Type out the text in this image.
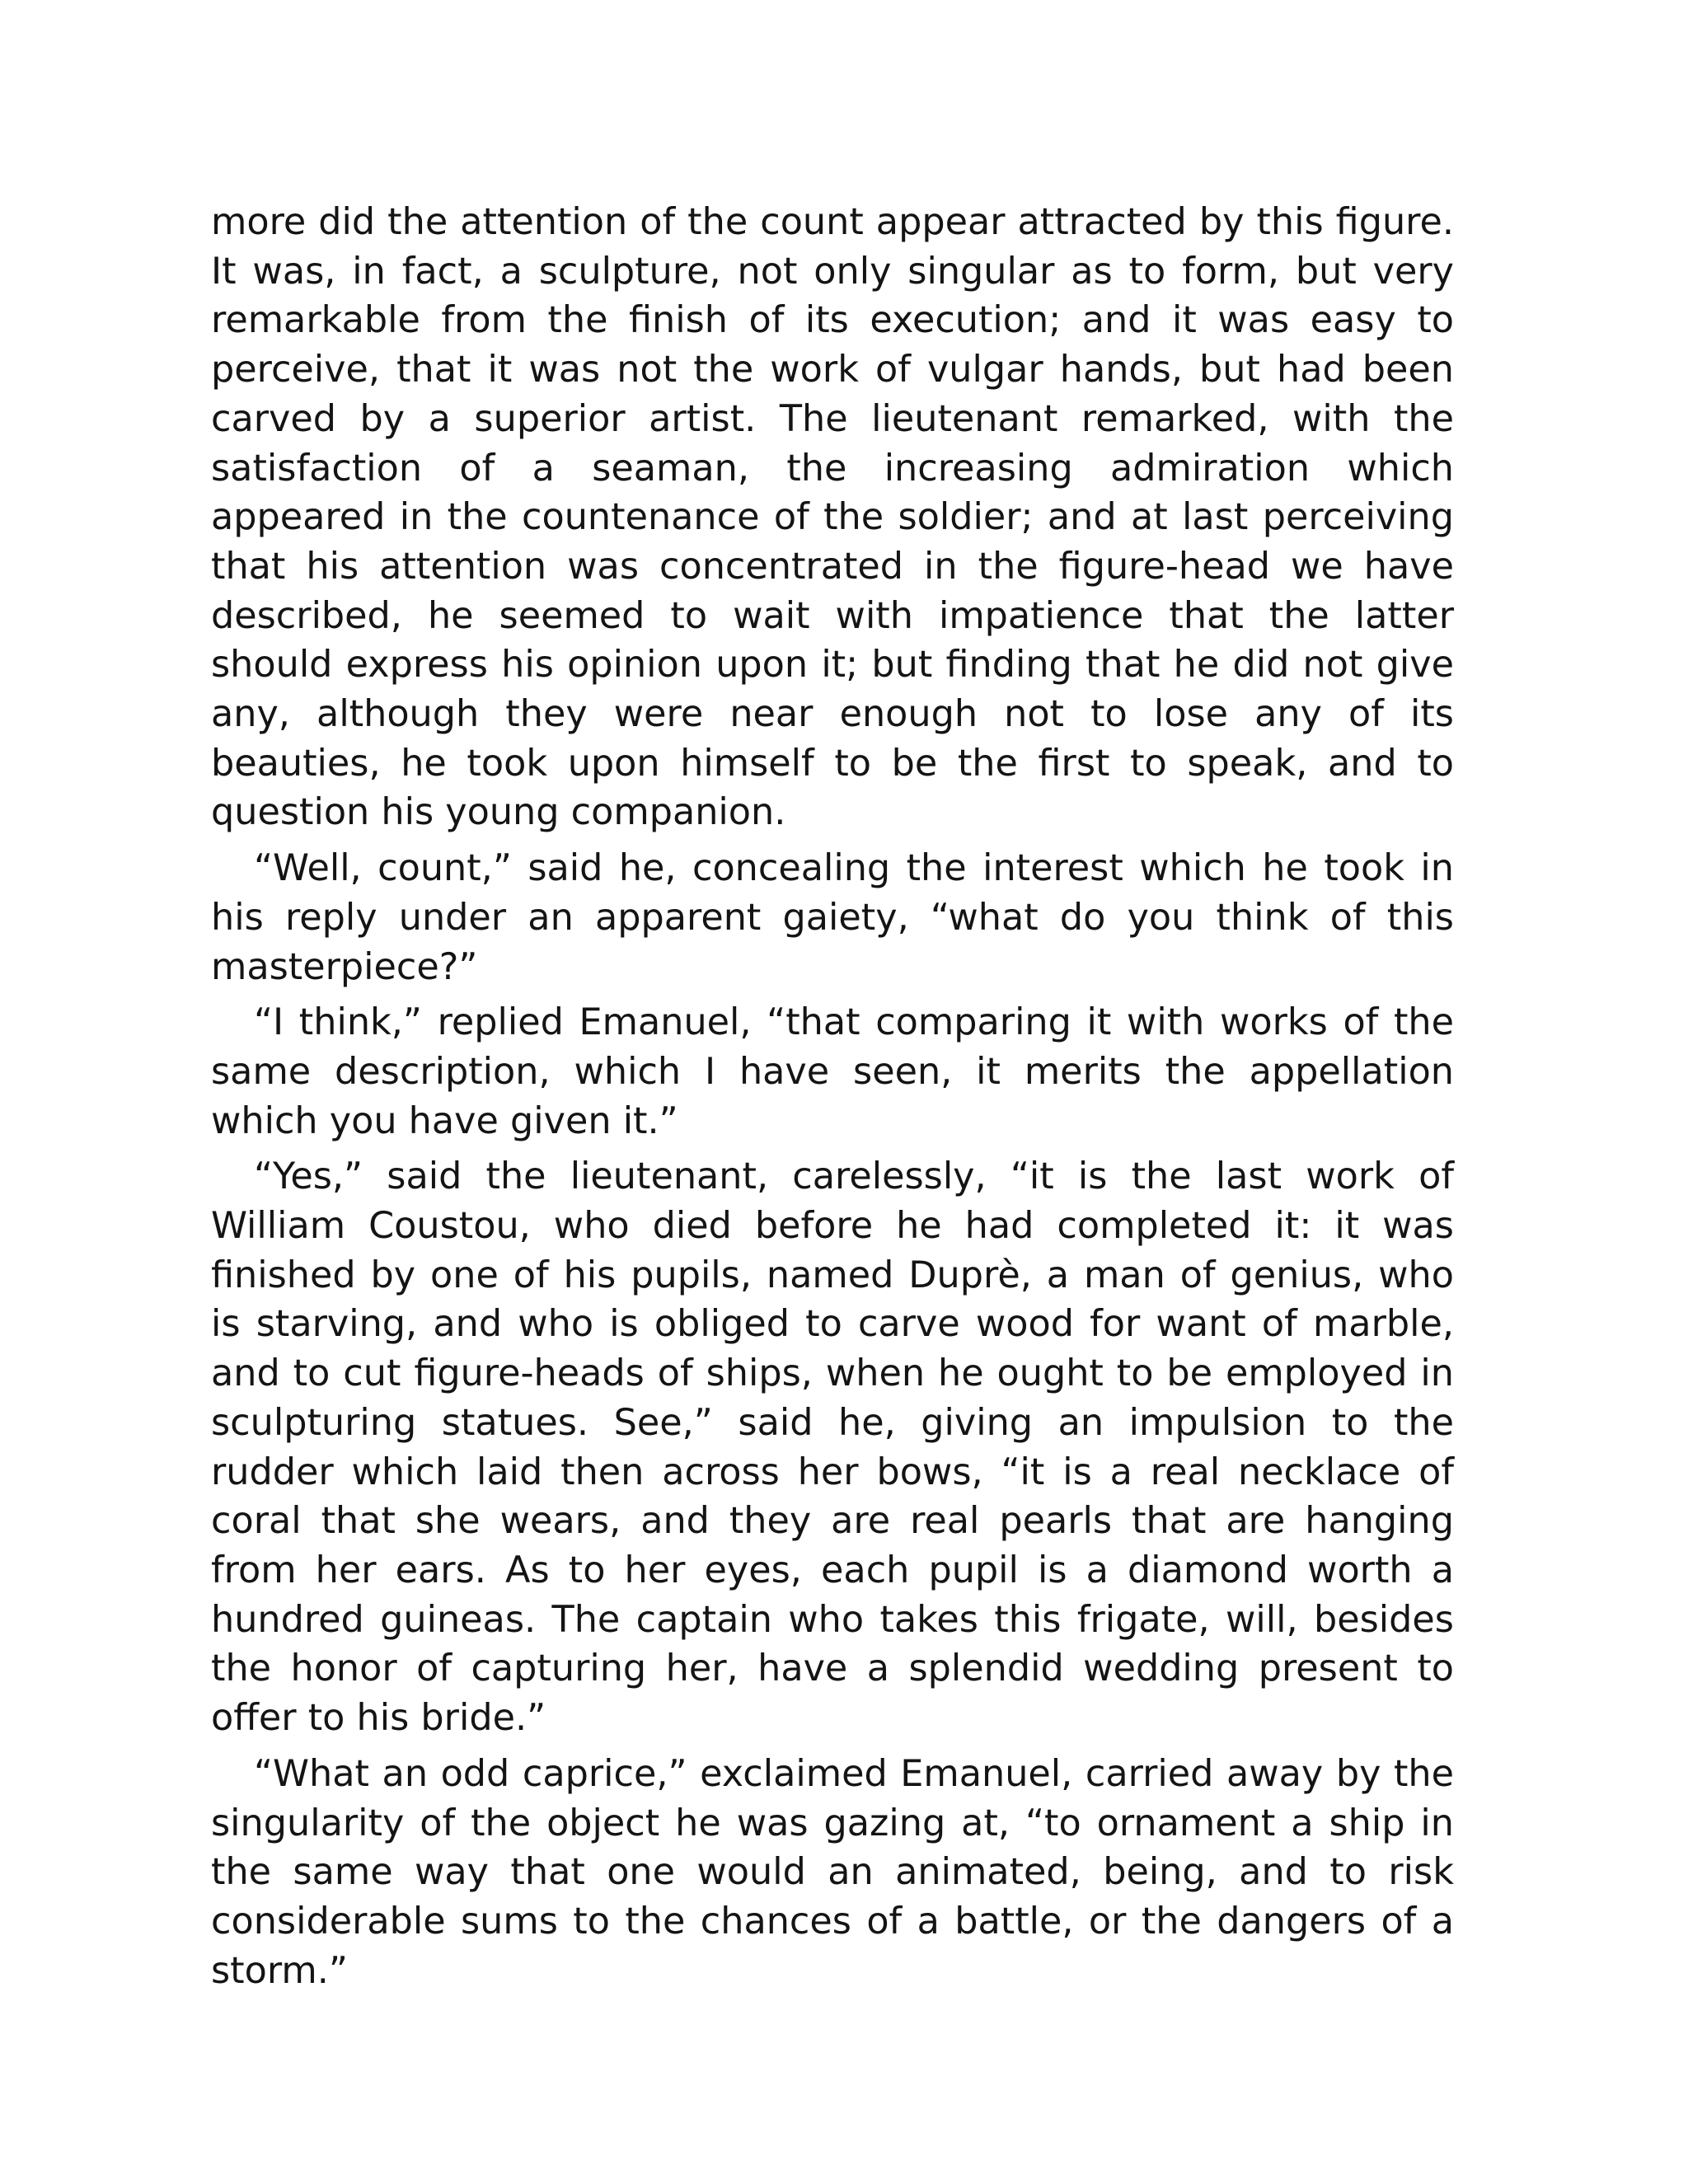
more did the attention of the count appear attracted by this figure. It was, in fact, a sculpture, not only singular as to form, but very remarkable from the finish of its execution; and it was easy to perceive, that it was not the work of vulgar hands, but had been carved by a superior artist. The lieutenant remarked, with the satisfaction of a seaman, the increasing admiration which appeared in the countenance of the soldier; and at last perceiving that his attention was concentrated in the figure-head we have described, he seemed to wait with impatience that the latter should express his opinion upon it; but finding that he did not give any, although they were near enough not to lose any of its beauties, he took upon himself to be the first to speak, and to question his young companion.

“Well, count,” said he, concealing the interest which he took in his reply under an apparent gaiety, “what do you think of this masterpiece?”

“I think,” replied Emanuel, “that comparing it with works of the same description, which I have seen, it merits the appellation which you have given it.”

“Yes,” said the lieutenant, carelessly, “it is the last work of William Coustou, who died before he had completed it: it was finished by one of his pupils, named Duprè, a man of genius, who is starving, and who is obliged to carve wood for want of marble, and to cut figure-heads of ships, when he ought to be employed in sculpturing statues. See,” said he, giving an impulsion to the rudder which laid then across her bows, “it is a real necklace of coral that she wears, and they are real pearls that are hanging from her ears. As to her eyes, each pupil is a diamond worth a hundred guineas. The captain who takes this frigate, will, besides the honor of capturing her, have a splendid wedding present to offer to his bride.”

“What an odd caprice,” exclaimed Emanuel, carried away by the singularity of the object he was gazing at, “to ornament a ship in the same way that one would an animated, being, and to risk considerable sums to the chances of a battle, or the dangers of a storm.”
